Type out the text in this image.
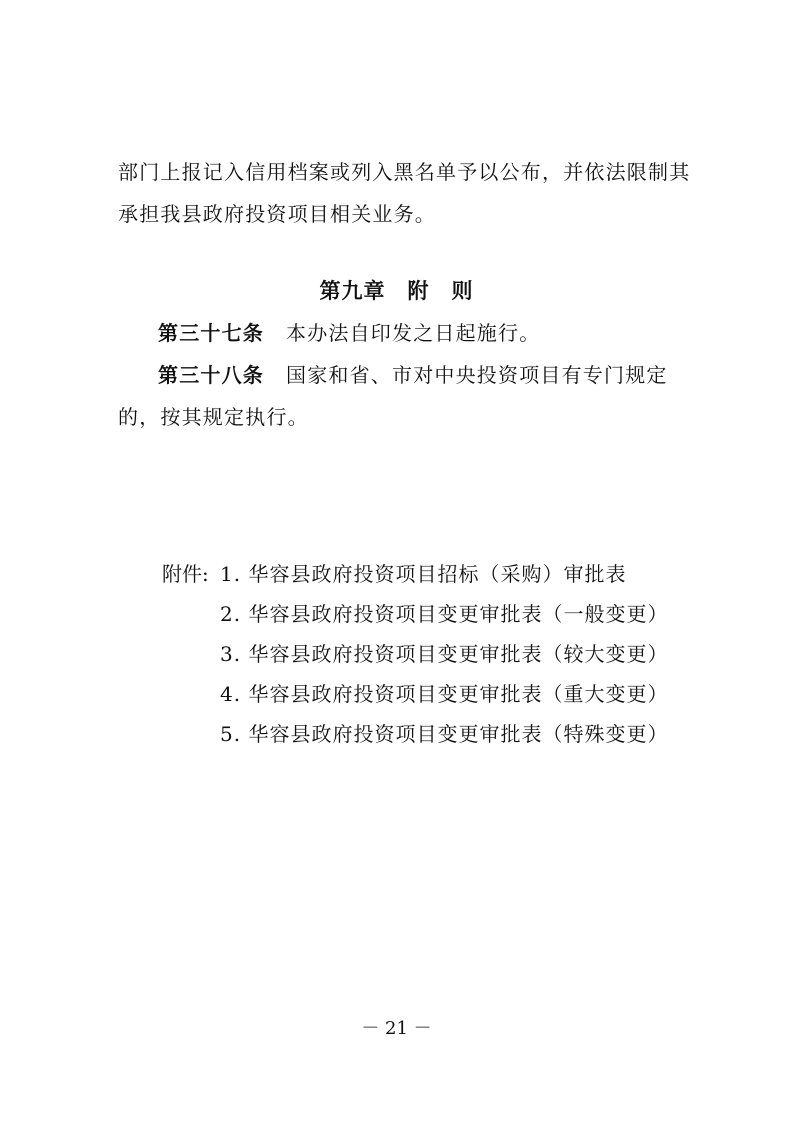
部门上报记入信用档案或列入黑名单予以公布，并依法限制其
承担我县政府投资项目相关业务。
第九章　附　则
第三十七条 本办法自印发之日起施行。
第三十八条 国家和省、市对中央投资项目有专门规定
的，按其规定执行。
附件: 1. 华容县政府投资项目招标（采购）审批表
2. 华容县政府投资项目变更审批表（一般变更）
3. 华容县政府投资项目变更审批表（较大变更）
4. 华容县政府投资项目变更审批表（重大变更）
5. 华容县政府投资项目变更审批表（特殊变更）
－ 21 －
